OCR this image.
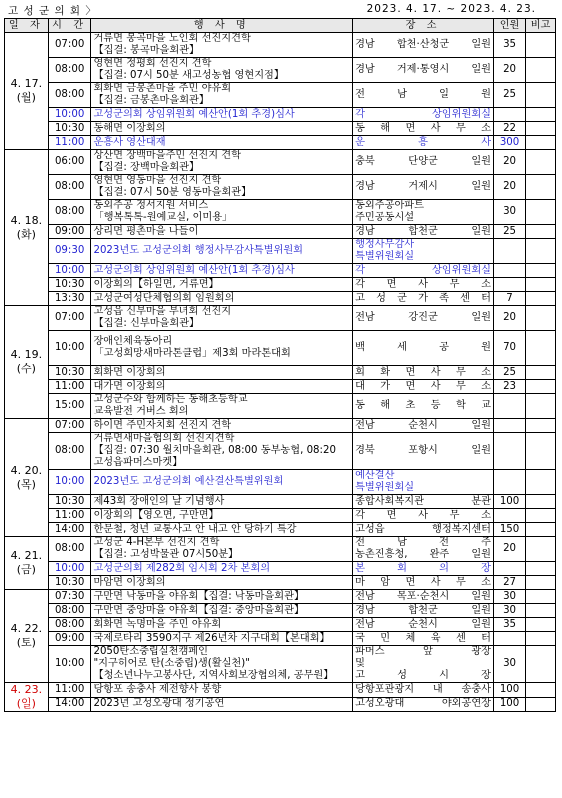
고 성 군 의 회 〉	2023. 4. 17. ~ 2023. 4. 23.
일 자	시 간	행 사 명	장 소	인원	비고

4. 17.
(월)	07:00	거류면 봉곡마을 노인회 선진지견학
【집결: 봉곡마을회관】	경남 합천·산청군 일원	35	
	08:00	영현면 정평회 선진지 견학
【집결: 07시 50분 새고성농협 영현지점】	경남 거제·통영시 일원	20	
	08:00	회화면 금봉촌마을 주민 야유회
【집결: 금봉촌마을회관】	전 남 일 원	25	
	10:00	고성군의회 상임위원회 예산안(1회 추경)심사	각 상임위원회실		

	10:30	동해면 이장회의	동 해 면 사 무 소	22	
	11:00	운흥사 영산대재	운 흥 사	300	

4. 18.
(화)	06:00	상산면 장백마을주민 선진지 견학
【집결: 장백마을회관】	충북 단양군 일원	20	
	08:00	영현면 영동마을 선진지 견학
【집결: 07시 50분 영동마을회관】	경남 거제시 일원	20	
	08:00	동외주공 정서지원 서비스
「행복톡톡-원예교실, 이미용」	동외주공아파트
주민공동시설	30	
	09:00	상리면 평촌마을 나들이	경남 합천군 일원	25	
	09:30	2023년도 고성군의회 행정사무감사특별위원회	행정사무감사
특별위원회실		

	10:00	고성군의회 상임위원회 예산안(1회 추경)심사	각 상임위원회실		

	10:30	이장회의【하일면, 거류면】	각 면 사 무 소		

	13:30	고성군여성단체협의회 임원회의	고 성 군 가 족 센 터	7	

4. 19.
(수)	07:00	고성읍 신부마을 부녀회 선진지
【집결: 신부마을회관】	전남 강진군 일원	20	
	10:00	장애인체육동아리
「고성희망새마라톤클럽」제3회 마라톤대회	백 세 공 원	70	
	10:30	회화면 이장회의	회 화 면 사 무 소	25	
	11:00	대가면 이장회의	대 가 면 사 무 소	23	
	15:00	고성군수와 함께하는 동해초등학교
교육발전 거버스 회의	동 해 초 등 학 교		

4. 20.
(목)	07:00	하이면 주민자치회 선진지 견학	전남 순천시 일원		

	08:00	거류면새마을협의회 선진지견학
【집결: 07:30 월치마을회관, 08:00 동부농협, 08:20
고성읍파머스마켓】	경북 포항시 일원		

	10:00	2023년도 고성군의회 예산결산특별위원회	예산결산
특별위원회실		

	10:30	제43회 장애인의 날 기념행사	종합사회복지관 분관	100	
	11:00	이장회의【영오면, 구만면】	각 면 사 무 소		

	14:00	한문철, 청년 교통사고 안 내고 안 당하기 특강	고성읍 행정복지센터	150	

4. 21.
(금)	08:00	고성군 4-H본부 선진지 견학
【집결: 고성박물관 07시50분】	전 남 전 주
농촌진흥청, 완주 일원	20	
	10:00	고성군의회 제282회 임시회 2차 본회의	본 회 의 장		

	10:30	마암면 이장회의	마 암 면 사 무 소	27	

4. 22.
(토)	07:30	구만면 낙동마을 야유회【집결: 낙동마을회관】	전남 목포·순천시 일원	30	
	08:00	구만면 중앙마을 야유회【집결: 중앙마을회관】	경남 합천군 일원	30	
	08:00	회화면 녹명마을 주민 야유회	전남 순천시 일원	35	
	09:00	국제로타리 3590지구 제26년차 지구대회【본대회】	국 민 체 육 센 터		

	10:00	2050탄소중립실천캠페인
"지구히어로 탄(소중립)생(활실천)"
【청소년나누고봉사단, 지역사회보장협의체, 공무원】	파머스 앞 광장
및
고 성 시 장	30	

4. 23.
(일)	11:00	당항포 송충사 제전향사 봉향	당항포관광지 내 송충사	100	
	14:00	2023년 고성오광대 정기공연	고성오광대 야외공연장	100	
